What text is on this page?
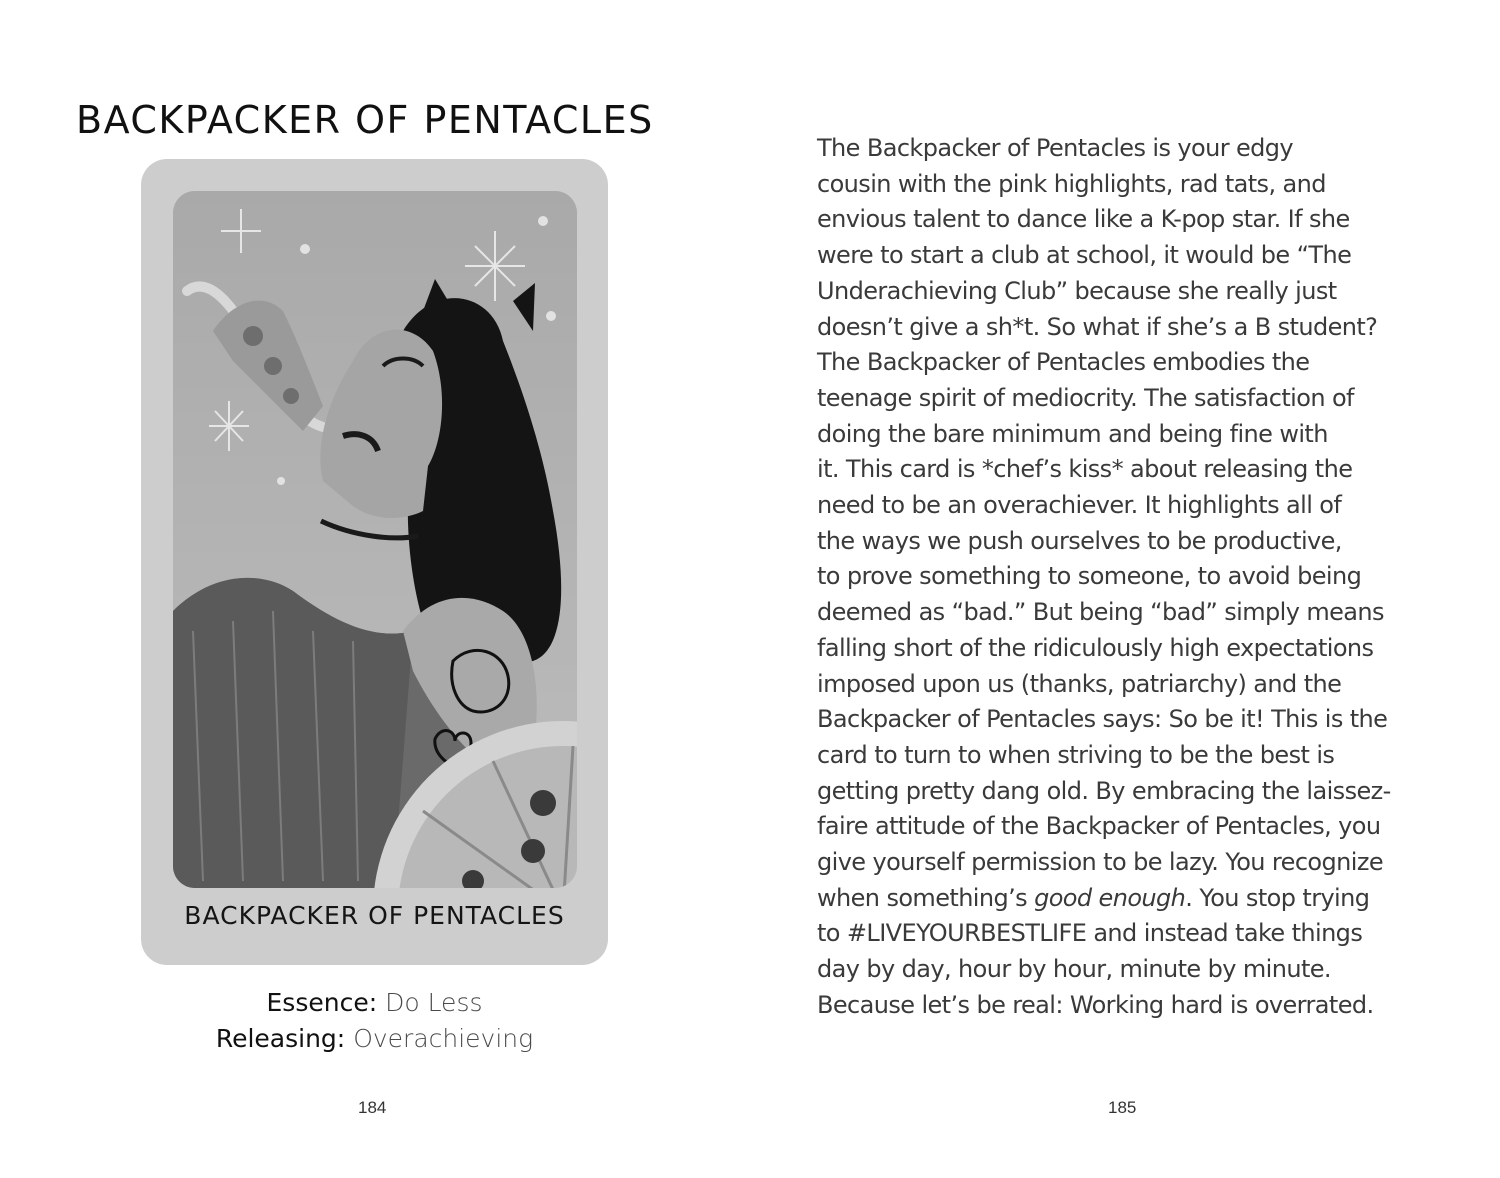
BACKPACKER OF PENTACLES
BACKPACKER OF PENTACLES
Essence: Do Less
Releasing: Overachieving
184
The Backpacker of Pentacles is your edgy
cousin with the pink highlights, rad tats, and
envious talent to dance like a K-pop star. If she
were to start a club at school, it would be “The
Underachieving Club” because she really just
doesn’t give a sh*t. So what if she’s a B student?
The Backpacker of Pentacles embodies the
teenage spirit of mediocrity. The satisfaction of
doing the bare minimum and being fine with
it. This card is *chef’s kiss* about releasing the
need to be an overachiever. It highlights all of
the ways we push ourselves to be productive,
to prove something to someone, to avoid being
deemed as “bad.” But being “bad” simply means
falling short of the ridiculously high expectations
imposed upon us (thanks, patriarchy) and the
Backpacker of Pentacles says: So be it! This is the
card to turn to when striving to be the best is
getting pretty dang old. By embracing the laissez-
faire attitude of the Backpacker of Pentacles, you
give yourself permission to be lazy. You recognize
when something’s good enough. You stop trying
to #LIVEYOURBESTLIFE and instead take things
day by day, hour by hour, minute by minute.
Because let’s be real: Working hard is overrated.
185
